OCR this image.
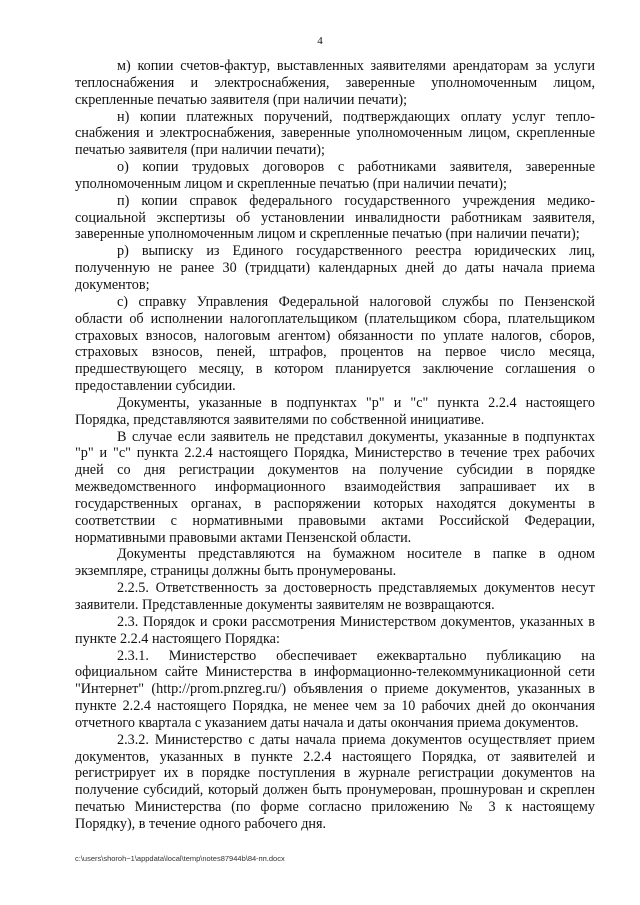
4

м) копии счетов-фактур, выставленных заявителями арендаторам за услуги теплоснабжения и электроснабжения, заверенные уполномоченным лицом, скрепленные печатью заявителя (при наличии печати);

н) копии платежных поручений, подтверждающих оплату услуг теплоснабжения и электроснабжения, заверенные уполномоченным лицом, скрепленные печатью заявителя (при наличии печати);

о) копии трудовых договоров с работниками заявителя, заверенные уполномоченным лицом и скрепленные печатью (при наличии печати);

п) копии справок федерального государственного учреждения медико-социальной экспертизы об установлении инвалидности работникам заявителя, заверенные уполномоченным лицом и скрепленные печатью (при наличии печати);

р) выписку из Единого государственного реестра юридических лиц, полученную не ранее 30 (тридцати) календарных дней до даты начала приема документов;

с) справку Управления Федеральной налоговой службы по Пензенской области об исполнении налогоплательщиком (плательщиком сбора, плательщиком страховых взносов, налоговым агентом) обязанности по уплате налогов, сборов, страховых взносов, пеней, штрафов, процентов на первое число месяца, предшествующего месяцу, в котором планируется заключение соглашения о предоставлении субсидии.

Документы, указанные в подпунктах "р" и "с" пункта 2.2.4 настоящего Порядка, представляются заявителями по собственной инициативе.

В случае если заявитель не представил документы, указанные в подпунктах "р" и "с" пункта 2.2.4 настоящего Порядка, Министерство в течение трех рабочих дней со дня регистрации документов на получение субсидии в порядке межведомственного информационного взаимодействия запрашивает их в государственных органах, в распоряжении которых находятся документы в соответствии с нормативными правовыми актами Российской Федерации, нормативными правовыми актами Пензенской области.

Документы представляются на бумажном носителе в папке в одном экземпляре, страницы должны быть пронумерованы.

2.2.5. Ответственность за достоверность представляемых документов несут заявители. Представленные документы заявителям не возвращаются.

2.3. Порядок и сроки рассмотрения Министерством документов, указанных в пункте 2.2.4 настоящего Порядка:

2.3.1. Министерство обеспечивает ежеквартально публикацию на официальном сайте Министерства в информационно-телекоммуникационной сети "Интернет" (http://prom.pnzreg.ru/) объявления о приеме документов, указанных в пункте 2.2.4 настоящего Порядка, не менее чем за 10 рабочих дней до окончания отчетного квартала с указанием даты начала и даты окончания приема документов.

2.3.2. Министерство с даты начала приема документов осуществляет прием документов, указанных в пункте 2.2.4 настоящего Порядка, от заявителей и регистрирует их в порядке поступления в журнале регистрации документов на получение субсидий, который должен быть пронумерован, прошнурован и скреплен печатью Министерства (по форме согласно приложению № 3 к настоящему Порядку), в течение одного рабочего дня.

c:\users\shoroh~1\appdata\local\temp\notes87944b\84-пп.docx
